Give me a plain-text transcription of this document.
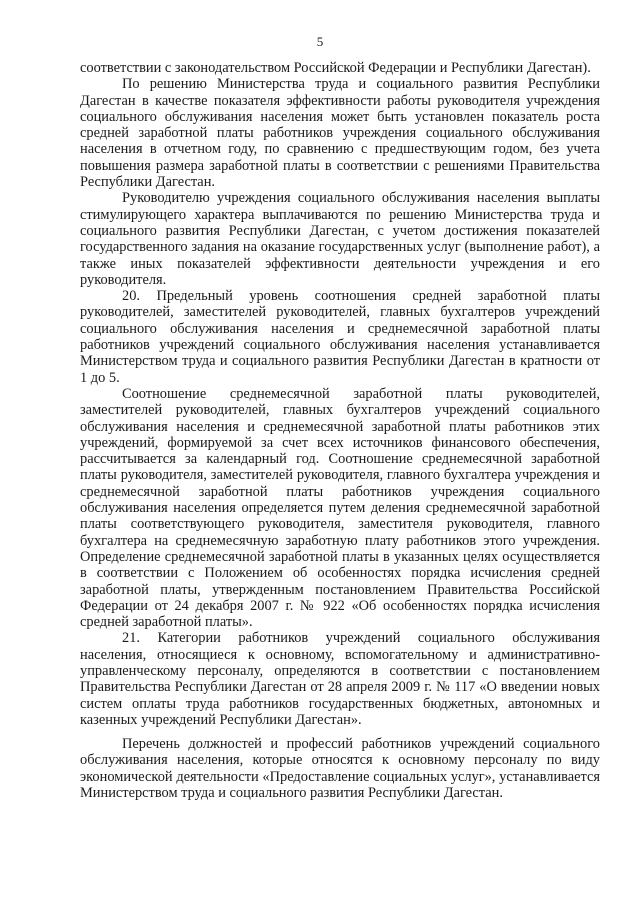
5

соответствии с законодательством Российской Федерации и Республики Дагестан).

По решению Министерства труда и социального развития Республики Дагестан в качестве показателя эффективности работы руководителя учреждения социального обслуживания населения может быть установлен показатель роста средней заработной платы работников учреждения социального обслуживания населения в отчетном году, по сравнению с предшествующим годом, без учета повышения размера заработной платы в соответствии с решениями Правительства Республики Дагестан.

Руководителю учреждения социального обслуживания населения выплаты стимулирующего характера выплачиваются по решению Министерства труда и социального развития Республики Дагестан, с учетом достижения показателей государственного задания на оказание государственных услуг (выполнение работ), а также иных показателей эффективности деятельности учреждения и его руководителя.

20. Предельный уровень соотношения средней заработной платы руководителей, заместителей руководителей, главных бухгалтеров учреждений социального обслуживания населения и среднемесячной заработной платы работников учреждений социального обслуживания населения устанавливается Министерством труда и социального развития Республики Дагестан в кратности от 1 до 5.

Соотношение среднемесячной заработной платы руководителей, заместителей руководителей, главных бухгалтеров учреждений социального обслуживания населения и среднемесячной заработной платы работников этих учреждений, формируемой за счет всех источников финансового обеспечения, рассчитывается за календарный год. Соотношение среднемесячной заработной платы руководителя, заместителей руководителя, главного бухгалтера учреждения и среднемесячной заработной платы работников учреждения социального обслуживания населения определяется путем деления среднемесячной заработной платы соответствующего руководителя, заместителя руководителя, главного бухгалтера на среднемесячную заработную плату работников этого учреждения. Определение среднемесячной заработной платы в указанных целях осуществляется в соответствии с Положением об особенностях порядка исчисления средней заработной платы, утвержденным постановлением Правительства Российской Федерации от 24 декабря 2007 г. № 922 «Об особенностях порядка исчисления средней заработной платы».

21. Категории работников учреждений социального обслуживания населения, относящиеся к основному, вспомогательному и административно-управленческому персоналу, определяются в соответствии с постановлением Правительства Республики Дагестан от 28 апреля 2009 г. № 117 «О введении новых систем оплаты труда работников государственных бюджетных, автономных и казенных учреждений Республики Дагестан».

Перечень должностей и профессий работников учреждений социального обслуживания населения, которые относятся к основному персоналу по виду экономической деятельности «Предоставление социальных услуг», устанавливается Министерством труда и социального развития Республики Дагестан.
